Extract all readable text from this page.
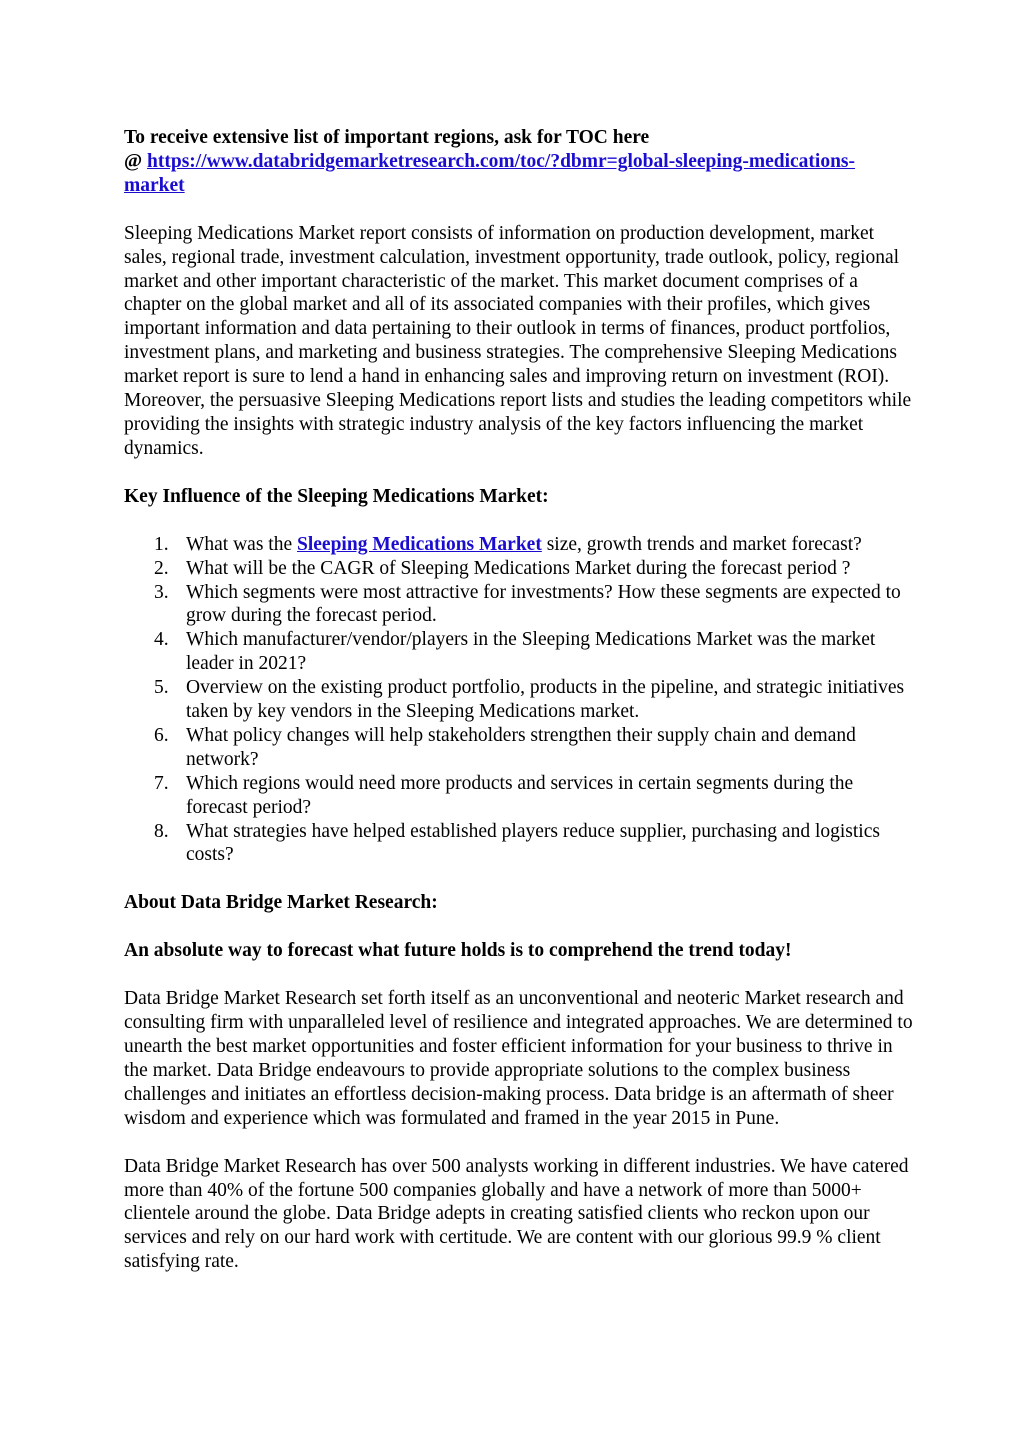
To receive extensive list of important regions, ask for TOC here

@ https://www.databridgemarketresearch.com/toc/?dbmr=global-sleeping-medications-
market

Sleeping Medications Market report consists of information on production development, market sales, regional trade, investment calculation, investment opportunity, trade outlook, policy, regional market and other important characteristic of the market. This market document comprises of a chapter on the global market and all of its associated companies with their profiles, which gives important information and data pertaining to their outlook in terms of finances, product portfolios, investment plans, and marketing and business strategies. The comprehensive Sleeping Medications market report is sure to lend a hand in enhancing sales and improving return on investment (ROI). Moreover, the persuasive Sleeping Medications report lists and studies the leading competitors while providing the insights with strategic industry analysis of the key factors influencing the market dynamics.

Key Influence of the Sleeping Medications Market:

1. What was the Sleeping Medications Market size, growth trends and market forecast?
2. What will be the CAGR of Sleeping Medications Market during the forecast period ?
3. Which segments were most attractive for investments? How these segments are expected to grow during the forecast period.
4. Which manufacturer/vendor/players in the Sleeping Medications Market was the market leader in 2021?
5. Overview on the existing product portfolio, products in the pipeline, and strategic initiatives taken by key vendors in the Sleeping Medications market.
6. What policy changes will help stakeholders strengthen their supply chain and demand network?
7. Which regions would need more products and services in certain segments during the forecast period?
8. What strategies have helped established players reduce supplier, purchasing and logistics costs?

About Data Bridge Market Research:

An absolute way to forecast what future holds is to comprehend the trend today!

Data Bridge Market Research set forth itself as an unconventional and neoteric Market research and consulting firm with unparalleled level of resilience and integrated approaches. We are determined to unearth the best market opportunities and foster efficient information for your business to thrive in the market. Data Bridge endeavours to provide appropriate solutions to the complex business challenges and initiates an effortless decision-making process. Data bridge is an aftermath of sheer wisdom and experience which was formulated and framed in the year 2015 in Pune.

Data Bridge Market Research has over 500 analysts working in different industries. We have catered more than 40% of the fortune 500 companies globally and have a network of more than 5000+ clientele around the globe. Data Bridge adepts in creating satisfied clients who reckon upon our services and rely on our hard work with certitude. We are content with our glorious 99.9 % client satisfying rate.
